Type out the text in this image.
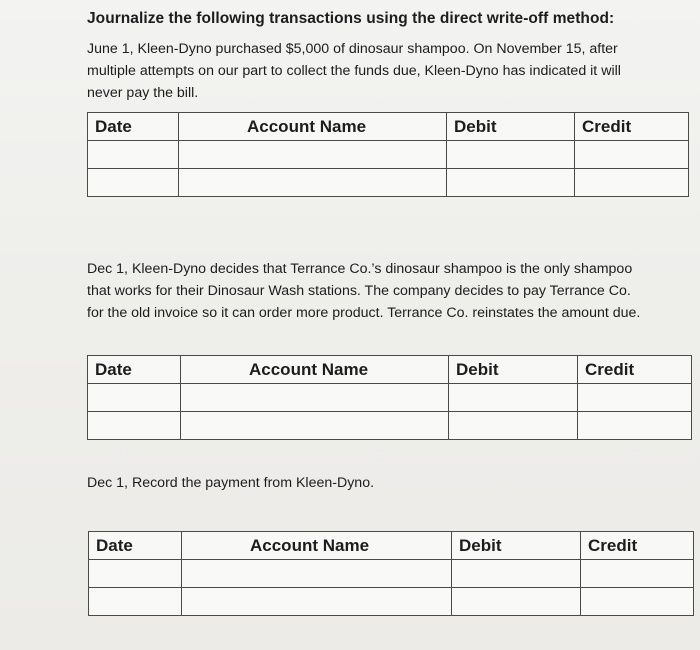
Journalize the following transactions using the direct write-off method:
June 1, Kleen-Dyno purchased $5,000 of dinosaur shampoo. On November 15, after multiple attempts on our part to collect the funds due, Kleen-Dyno has indicated it will never pay the bill.
Date	Account Name	Debit	Credit

Dec 1, Kleen-Dyno decides that Terrance Co.’s dinosaur shampoo is the only shampoo that works for their Dinosaur Wash stations. The company decides to pay Terrance Co. for the old invoice so it can order more product. Terrance Co. reinstates the amount due.
Date	Account Name	Debit	Credit

Dec 1, Record the payment from Kleen-Dyno.
Date	Account Name	Debit	Credit
